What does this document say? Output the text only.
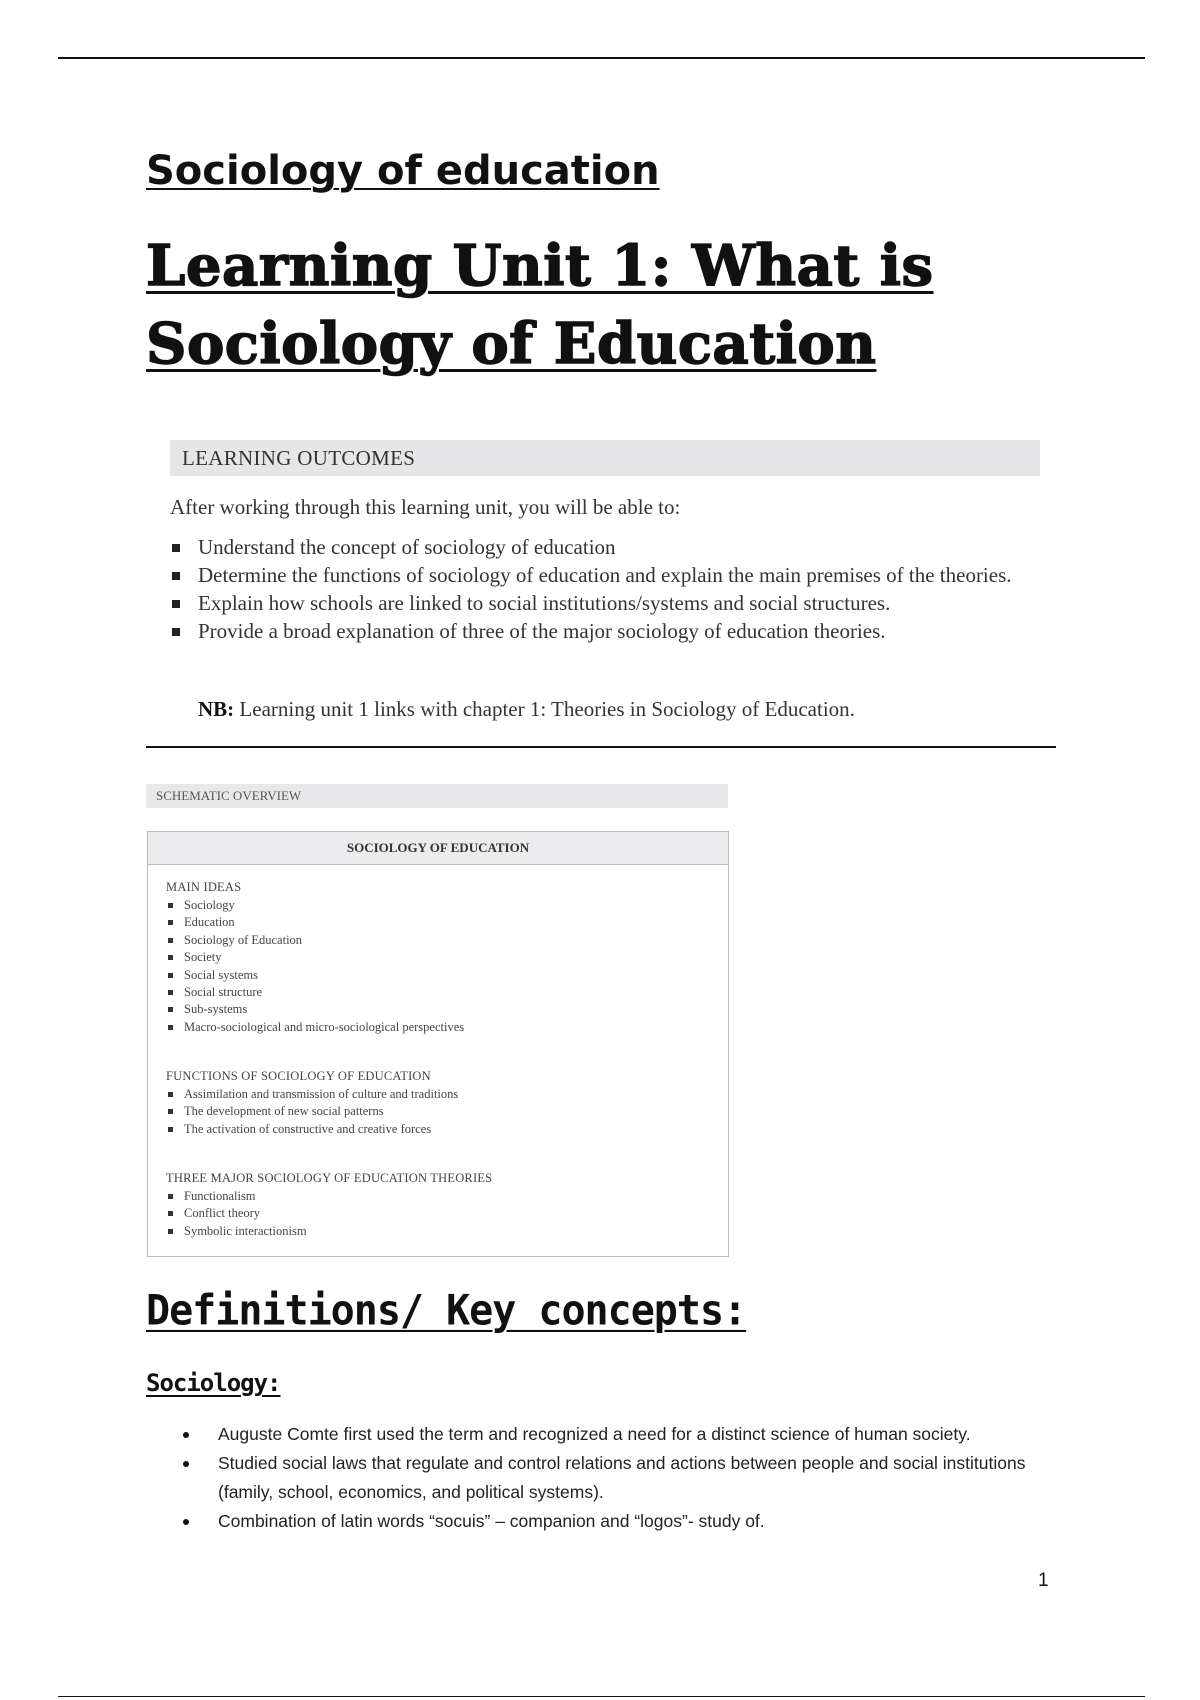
Sociology of education
Learning Unit 1: What is Sociology of Education
LEARNING OUTCOMES

After working through this learning unit, you will be able to:

Understand the concept of sociology of education
Determine the functions of sociology of education and explain the main premises of the theories.
Explain how schools are linked to social institutions/systems and social structures.
Provide a broad explanation of three of the major sociology of education theories.

NB: Learning unit 1 links with chapter 1: Theories in Sociology of Education.

SCHEMATIC OVERVIEW
SOCIOLOGY OF EDUCATION
MAIN IDEAS
Sociology
Education
Sociology of Education
Society
Social systems
Social structure
Sub-systems
Macro-sociological and micro-sociological perspectives
FUNCTIONS OF SOCIOLOGY OF EDUCATION
Assimilation and transmission of culture and traditions
The development of new social patterns
The activation of constructive and creative forces
THREE MAJOR SOCIOLOGY OF EDUCATION THEORIES
Functionalism
Conflict theory
Symbolic interactionism
Definitions/ Key concepts:
Sociology:
Auguste Comte first used the term and recognized a need for a distinct science of human society.
Studied social laws that regulate and control relations and actions between people and social institutions (family, school, economics, and political systems).
Combination of latin words “socuis” – companion and “logos”- study of.
1
